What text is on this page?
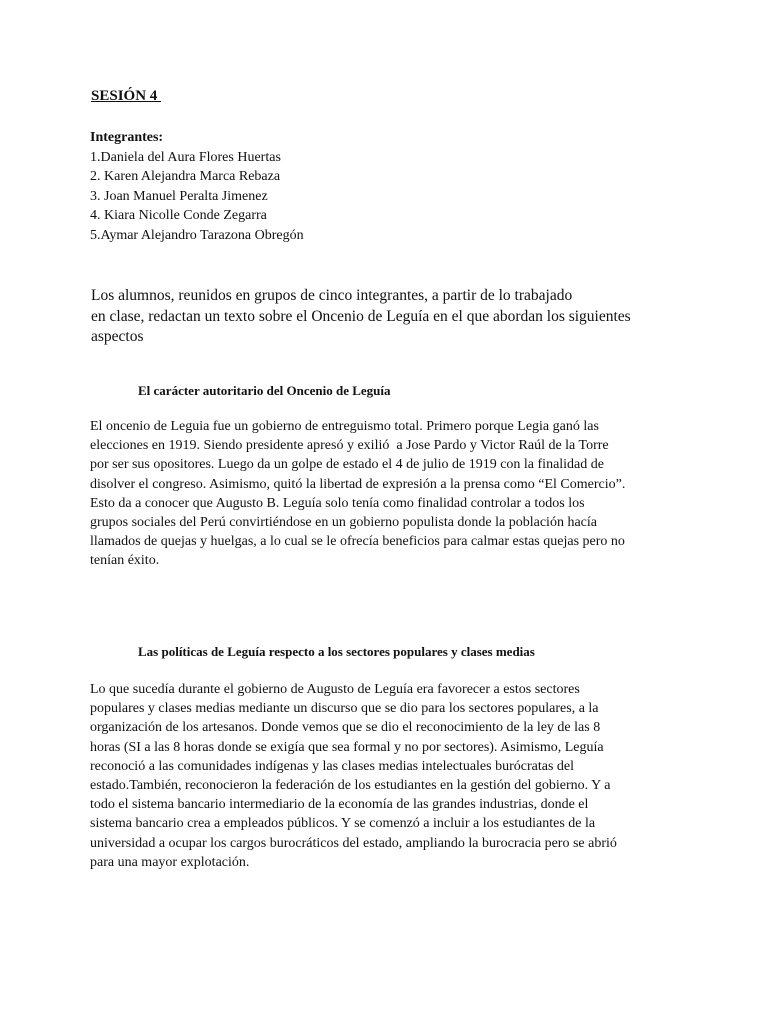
SESIÓN 4
Integrantes:
1.Daniela del Aura Flores Huertas
2. Karen Alejandra Marca Rebaza
3. Joan Manuel Peralta Jimenez
4. Kiara Nicolle Conde Zegarra
5.Aymar Alejandro Tarazona Obregón
Los alumnos, reunidos en grupos de cinco integrantes, a partir de lo trabajado
en clase, redactan un texto sobre el Oncenio de Leguía en el que abordan los siguientes
aspectos
El carácter autoritario del Oncenio de Leguía
El oncenio de Leguia fue un gobierno de entreguismo total. Primero porque Legia ganó las
elecciones en 1919. Siendo presidente apresó y exilió  a Jose Pardo y Victor Raúl de la Torre
por ser sus opositores. Luego da un golpe de estado el 4 de julio de 1919 con la finalidad de
disolver el congreso. Asimismo, quitó la libertad de expresión a la prensa como “El Comercio”.
Esto da a conocer que Augusto B. Leguía solo tenía como finalidad controlar a todos los
grupos sociales del Perú convirtiéndose en un gobierno populista donde la población hacía
llamados de quejas y huelgas, a lo cual se le ofrecía beneficios para calmar estas quejas pero no
tenían éxito.
Las políticas de Leguía respecto a los sectores populares y clases medias
Lo que sucedía durante el gobierno de Augusto de Leguía era favorecer a estos sectores
populares y clases medias mediante un discurso que se dio para los sectores populares, a la
organización de los artesanos. Donde vemos que se dio el reconocimiento de la ley de las 8
horas (SI a las 8 horas donde se exigía que sea formal y no por sectores). Asimismo, Leguía
reconoció a las comunidades indígenas y las clases medias intelectuales burócratas del
estado.También, reconocieron la federación de los estudiantes en la gestión del gobierno. Y a
todo el sistema bancario intermediario de la economía de las grandes industrias, donde el
sistema bancario crea a empleados públicos. Y se comenzó a incluir a los estudiantes de la
universidad a ocupar los cargos burocráticos del estado, ampliando la burocracia pero se abrió
para una mayor explotación.
